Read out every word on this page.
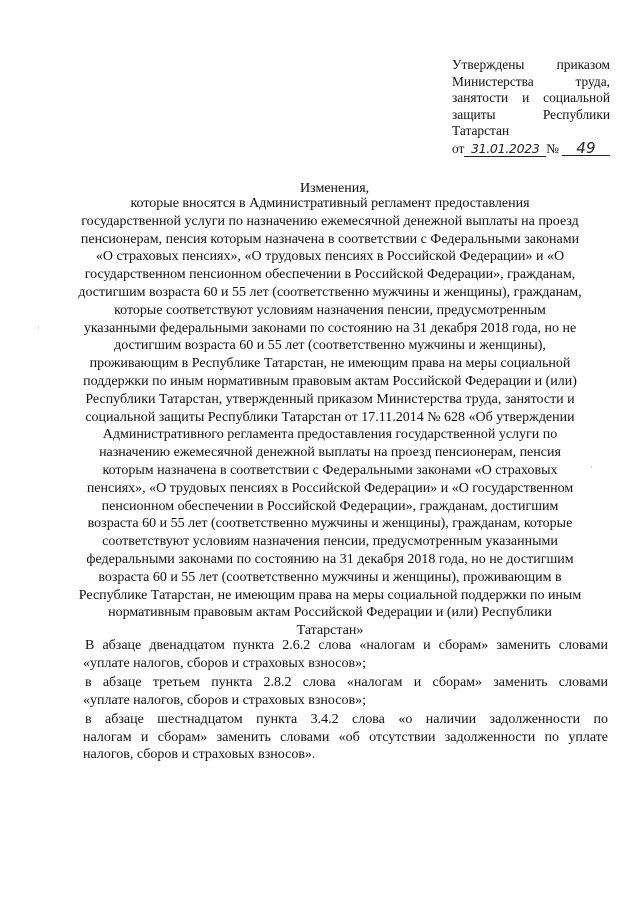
Утверждены приказом
Министерства труда,
занятости и социальной
защиты Республики
Татарстан
от 31.01.2023 №	49
Изменения,
которые вносятся в Административный регламент предоставления
государственной услуги по назначению ежемесячной денежной выплаты на проезд
пенсионерам, пенсия которым назначена в соответствии с Федеральными законами
«О страховых пенсиях», «О трудовых пенсиях в Российской Федерации» и «О
государственном пенсионном обеспечении в Российской Федерации», гражданам,
достигшим возраста 60 и 55 лет (соответственно мужчины и женщины), гражданам,
которые соответствуют условиям назначения пенсии, предусмотренным
указанными федеральными законами по состоянию на 31 декабря 2018 года, но не
достигшим возраста 60 и 55 лет (соответственно мужчины и женщины),
проживающим в Республике Татарстан, не имеющим права на меры социальной
поддержки по иным нормативным правовым актам Российской Федерации и (или)
Республики Татарстан, утвержденный приказом Министерства труда, занятости и
социальной защиты Республики Татарстан от 17.11.2014 № 628 «Об утверждении
Административного регламента предоставления государственной услуги по
назначению ежемесячной денежной выплаты на проезд пенсионерам, пенсия
которым назначена в соответствии с Федеральными законами «О страховых
пенсиях», «О трудовых пенсиях в Российской Федерации» и «О государственном
пенсионном обеспечении в Российской Федерации», гражданам, достигшим
возраста 60 и 55 лет (соответственно мужчины и женщины), гражданам, которые
соответствуют условиям назначения пенсии, предусмотренным указанными
федеральными законами по состоянию на 31 декабря 2018 года, но не достигшим
возраста 60 и 55 лет (соответственно мужчины и женщины), проживающим в
Республике Татарстан, не имеющим права на меры социальной поддержки по иным
нормативным правовым актам Российской Федерации и (или) Республики
Татарстан»

В абзаце двенадцатом пункта 2.6.2 слова «налогам и сборам» заменить словами
«уплате налогов, сборов и страховых взносов»;

в абзаце третьем пункта 2.8.2 слова «налогам и сборам» заменить словами
«уплате налогов, сборов и страховых взносов»;

в абзаце шестнадцатом пункта 3.4.2 слова «о наличии задолженности по
налогам и сборам» заменить словами «об отсутствии задолженности по уплате налогов, сборов и страховых взносов».

·
·
